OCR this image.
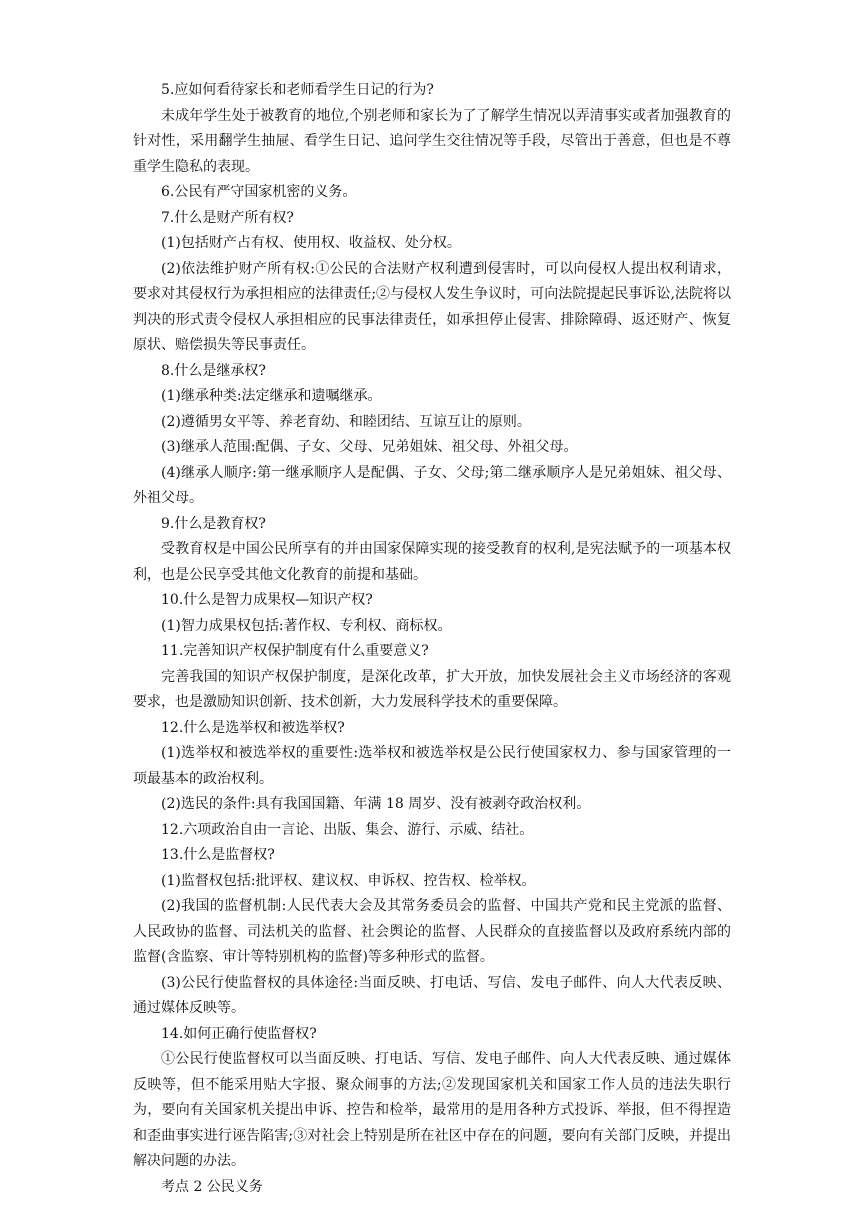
5.应如何看待家长和老师看学生日记的行为?

未成年学生处于被教育的地位,个别老师和家长为了了解学生情况以弄清事实或者加强教育的针对性，采用翻学生抽屉、看学生日记、追问学生交往情况等手段，尽管出于善意，但也是不尊重学生隐私的表现。

6.公民有严守国家机密的义务。

7.什么是财产所有权?

(1)包括财产占有权、使用权、收益权、处分权。

(2)依法维护财产所有权:①公民的合法财产权利遭到侵害时，可以向侵权人提出权利请求，要求对其侵权行为承担相应的法律责任;②与侵权人发生争议时，可向法院提起民事诉讼,法院将以判决的形式责令侵权人承担相应的民事法律责任，如承担停止侵害、排除障碍、返还财产、恢复原状、赔偿损失等民事责任。

8.什么是继承权?

(1)继承种类:法定继承和遗嘱继承。

(2)遵循男女平等、养老育幼、和睦团结、互谅互让的原则。

(3)继承人范围:配偶、子女、父母、兄弟姐妹、祖父母、外祖父母。

(4)继承人顺序:第一继承顺序人是配偶、子女、父母;第二继承顺序人是兄弟姐妹、祖父母、外祖父母。

9.什么是教育权?

受教育权是中国公民所享有的并由国家保障实现的接受教育的权利,是宪法赋予的一项基本权利，也是公民享受其他文化教育的前提和基础。

10.什么是智力成果权—知识产权?

(1)智力成果权包括:著作权、专利权、商标权。

11.完善知识产权保护制度有什么重要意义?

完善我国的知识产权保护制度，是深化改革，扩大开放，加快发展社会主义市场经济的客观要求，也是激励知识创新、技术创新，大力发展科学技术的重要保障。

12.什么是选举权和被选举权?

(1)选举权和被选举权的重要性:选举权和被选举权是公民行使国家权力、参与国家管理的一项最基本的政治权利。

(2)选民的条件:具有我国国籍、年满 18 周岁、没有被剥夺政治权利。

12.六项政治自由一言论、出版、集会、游行、示威、结社。

13.什么是监督权?

(1)监督权包括:批评权、建议权、申诉权、控告权、检举权。

(2)我国的监督机制:人民代表大会及其常务委员会的监督、中国共产党和民主党派的监督、人民政协的监督、司法机关的监督、社会舆论的监督、人民群众的直接监督以及政府系统内部的监督(含监察、审计等特别机构的监督)等多种形式的监督。

(3)公民行使监督权的具体途径:当面反映、打电话、写信、发电子邮件、向人大代表反映、通过媒体反映等。

14.如何正确行使监督权?

①公民行使监督权可以当面反映、打电话、写信、发电子邮件、向人大代表反映、通过媒体反映等，但不能采用贴大字报、聚众闹事的方法;②发现国家机关和国家工作人员的违法失职行为，要向有关国家机关提出申诉、控告和检举，最常用的是用各种方式投诉、举报，但不得捏造和歪曲事实进行诬告陷害;③对社会上特别是所在社区中存在的问题，要向有关部门反映，并提出解决问题的办法。

考点 2 公民义务
